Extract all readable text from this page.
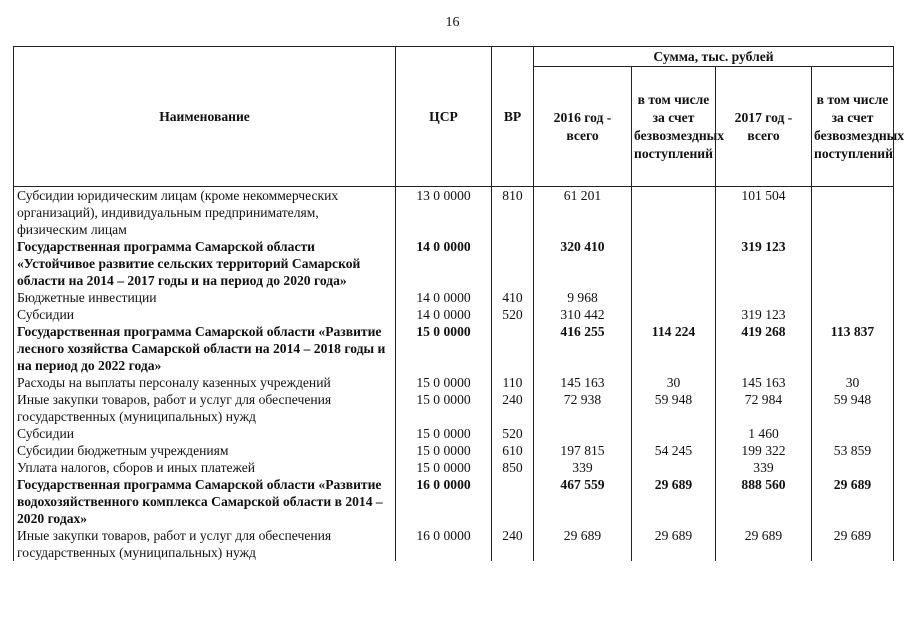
16
Наименование	ЦСР	ВР	Сумма, тыс. рублей			
			2016 год - всего	в том числе за счет безвозмездных поступлений	2017 год - всего	в том числе за счет безвозмездных поступлений
Субсидии юридическим лицам (кроме некоммерческих организаций), индивидуальным предпринимателям, физическим лицам	13 0 0000	810	61 201		101 504	
Государственная программа Самарской области «Устойчивое развитие сельских территорий Самарской области на 2014 – 2017 годы и на период до 2020 года»	14 0 0000		320 410		319 123	
Бюджетные инвестиции	14 0 0000	410	9 968			
Субсидии	14 0 0000	520	310 442		319 123	
Государственная программа Самарской области «Развитие лесного хозяйства Самарской области на 2014 – 2018 годы и на период до 2022 года»	15 0 0000		416 255	114 224	419 268	113 837
Расходы на выплаты персоналу казенных учреждений	15 0 0000	110	145 163	30	145 163	30
Иные закупки товаров, работ и услуг для обеспечения государственных (муниципальных) нужд	15 0 0000	240	72 938	59 948	72 984	59 948
Субсидии	15 0 0000	520			1 460	
Субсидии бюджетным учреждениям	15 0 0000	610	197 815	54 245	199 322	53 859
Уплата налогов, сборов и иных платежей	15 0 0000	850	339		339	
Государственная программа Самарской области «Развитие водохозяйственного комплекса Самарской области в 2014 – 2020 годах»	16 0 0000		467 559	29 689	888 560	29 689
Иные закупки товаров, работ и услуг для обеспечения государственных (муниципальных) нужд	16 0 0000	240	29 689	29 689	29 689	29 689
